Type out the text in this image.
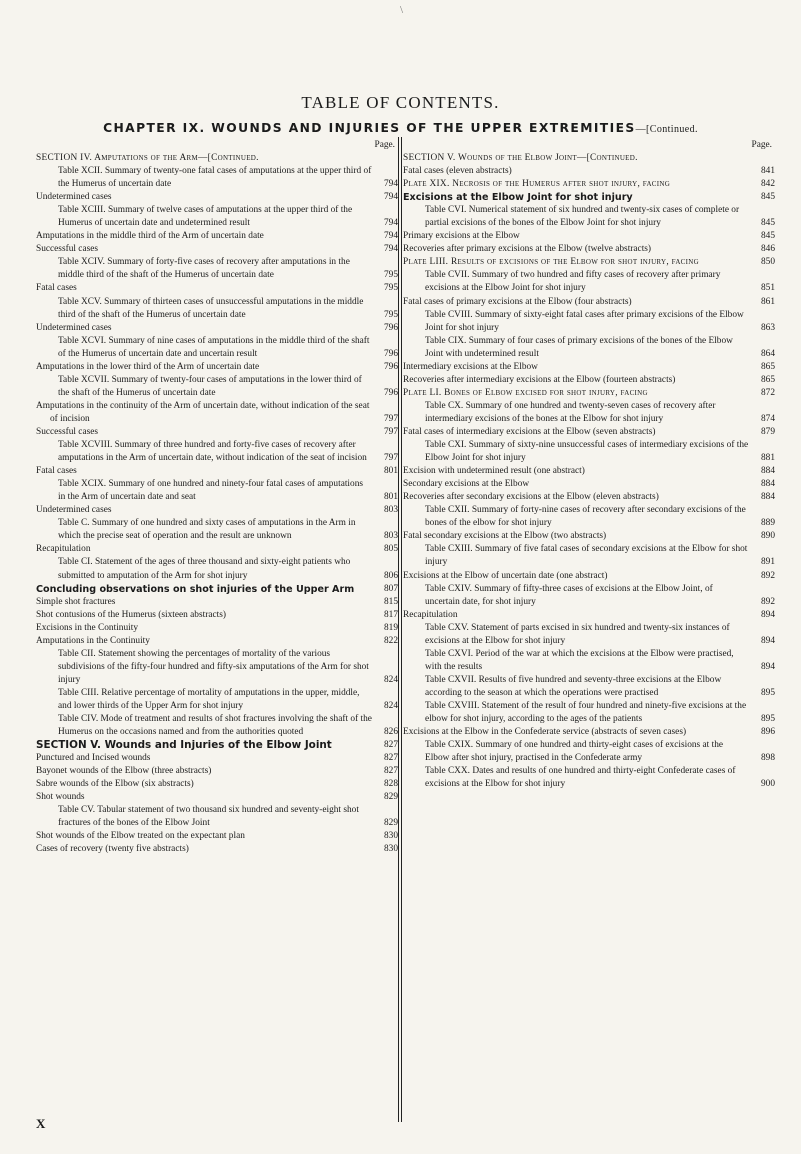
\
TABLE OF CONTENTS.
CHAPTER IX. WOUNDS AND INJURIES OF THE UPPER EXTREMITIES—[Continued.
Page.
SECTION IV. Amputations of the Arm—[Continued.
Table XCII. Summary of twenty-one fatal cases of amputations at the upper third of the Humerus of uncertain date	794
Undetermined cases	794
Table XCIII. Summary of twelve cases of amputations at the upper third of the Humerus of uncertain date and undetermined result	794
Amputations in the middle third of the Arm of uncertain date	794
Successful cases	794
Table XCIV. Summary of forty-five cases of recovery after amputations in the middle third of the shaft of the Humerus of uncertain date	795
Fatal cases	795
Table XCV. Summary of thirteen cases of unsuccessful amputations in the middle third of the shaft of the Humerus of uncertain date	795
Undetermined cases	796
Table XCVI. Summary of nine cases of amputations in the middle third of the shaft of the Humerus of uncertain date and uncertain result	796
Amputations in the lower third of the Arm of uncertain date	796
Table XCVII. Summary of twenty-four cases of amputations in the lower third of the shaft of the Humerus of uncertain date	796
Amputations in the continuity of the Arm of uncertain date, without indication of the seat of incision	797
Successful cases	797
Table XCVIII. Summary of three hundred and forty-five cases of recovery after amputations in the Arm of uncertain date, without indication of the seat of incision	797
Fatal cases	801
Table XCIX. Summary of one hundred and ninety-four fatal cases of amputations in the Arm of uncertain date and seat	801
Undetermined cases	803
Table C. Summary of one hundred and sixty cases of amputations in the Arm in which the precise seat of operation and the result are unknown	803
Recapitulation	805
Table CI. Statement of the ages of three thousand and sixty-eight patients who submitted to amputation of the Arm for shot injury	806
Concluding observations on shot injuries of the Upper Arm	807
Simple shot fractures	815
Shot contusions of the Humerus (sixteen abstracts)	817
Excisions in the Continuity	819
Amputations in the Continuity	822
Table CII. Statement showing the percentages of mortality of the various subdivisions of the fifty-four hundred and fifty-six amputations of the Arm for shot injury	824
Table CIII. Relative percentage of mortality of amputations in the upper, middle, and lower thirds of the Upper Arm for shot injury	824
Table CIV. Mode of treatment and results of shot fractures involving the shaft of the Humerus on the occasions named and from the authorities quoted	826
SECTION V. Wounds and Injuries of the Elbow Joint	827
Punctured and Incised wounds	827
Bayonet wounds of the Elbow (three abstracts)	827
Sabre wounds of the Elbow (six abstracts)	828
Shot wounds	829
Table CV. Tabular statement of two thousand six hundred and seventy-eight shot fractures of the bones of the Elbow Joint	829
Shot wounds of the Elbow treated on the expectant plan	830
Cases of recovery (twenty five abstracts)	830
Page.
SECTION V. Wounds of the Elbow Joint—[Continued.
Fatal cases (eleven abstracts)	841
Plate XIX. Necrosis of the Humerus after shot injury, facing	842
Excisions at the Elbow Joint for shot injury	845
Table CVI. Numerical statement of six hundred and twenty-six cases of complete or partial excisions of the bones of the Elbow Joint for shot injury	845
Primary excisions at the Elbow	845
Recoveries after primary excisions at the Elbow (twelve abstracts)	846
Plate LIII. Results of excisions of the Elbow for shot injury, facing	850
Table CVII. Summary of two hundred and fifty cases of recovery after primary excisions at the Elbow Joint for shot injury	851
Fatal cases of primary excisions at the Elbow (four abstracts)	861
Table CVIII. Summary of sixty-eight fatal cases after primary excisions of the Elbow Joint for shot injury	863
Table CIX. Summary of four cases of primary excisions of the bones of the Elbow Joint with undetermined result	864
Intermediary excisions at the Elbow	865
Recoveries after intermediary excisions at the Elbow (fourteen abstracts)	865
Plate LI. Bones of Elbow excised for shot injury, facing	872
Table CX. Summary of one hundred and twenty-seven cases of recovery after intermediary excisions of the bones at the Elbow for shot injury	874
Fatal cases of intermediary excisions at the Elbow (seven abstracts)	879
Table CXI. Summary of sixty-nine unsuccessful cases of intermediary excisions of the Elbow Joint for shot injury	881
Excision with undetermined result (one abstract)	884
Secondary excisions at the Elbow	884
Recoveries after secondary excisions at the Elbow (eleven abstracts)	884
Table CXII. Summary of forty-nine cases of recovery after secondary excisions of the bones of the elbow for shot injury	889
Fatal secondary excisions at the Elbow (two abstracts)	890
Table CXIII. Summary of five fatal cases of secondary excisions at the Elbow for shot injury	891
Excisions at the Elbow of uncertain date (one abstract)	892
Table CXIV. Summary of fifty-three cases of excisions at the Elbow Joint, of uncertain date, for shot injury	892
Recapitulation	894
Table CXV. Statement of parts excised in six hundred and twenty-six instances of excisions at the Elbow for shot injury	894
Table CXVI. Period of the war at which the excisions at the Elbow were practised, with the results	894
Table CXVII. Results of five hundred and seventy-three excisions at the Elbow according to the season at which the operations were practised	895
Table CXVIII. Statement of the result of four hundred and ninety-five excisions at the elbow for shot injury, according to the ages of the patients	895
Excisions at the Elbow in the Confederate service (abstracts of seven cases)	896
Table CXIX. Summary of one hundred and thirty-eight cases of excisions at the Elbow after shot injury, practised in the Confederate army	898
Table CXX. Dates and results of one hundred and thirty-eight Confederate cases of excisions at the Elbow for shot injury	900
X
